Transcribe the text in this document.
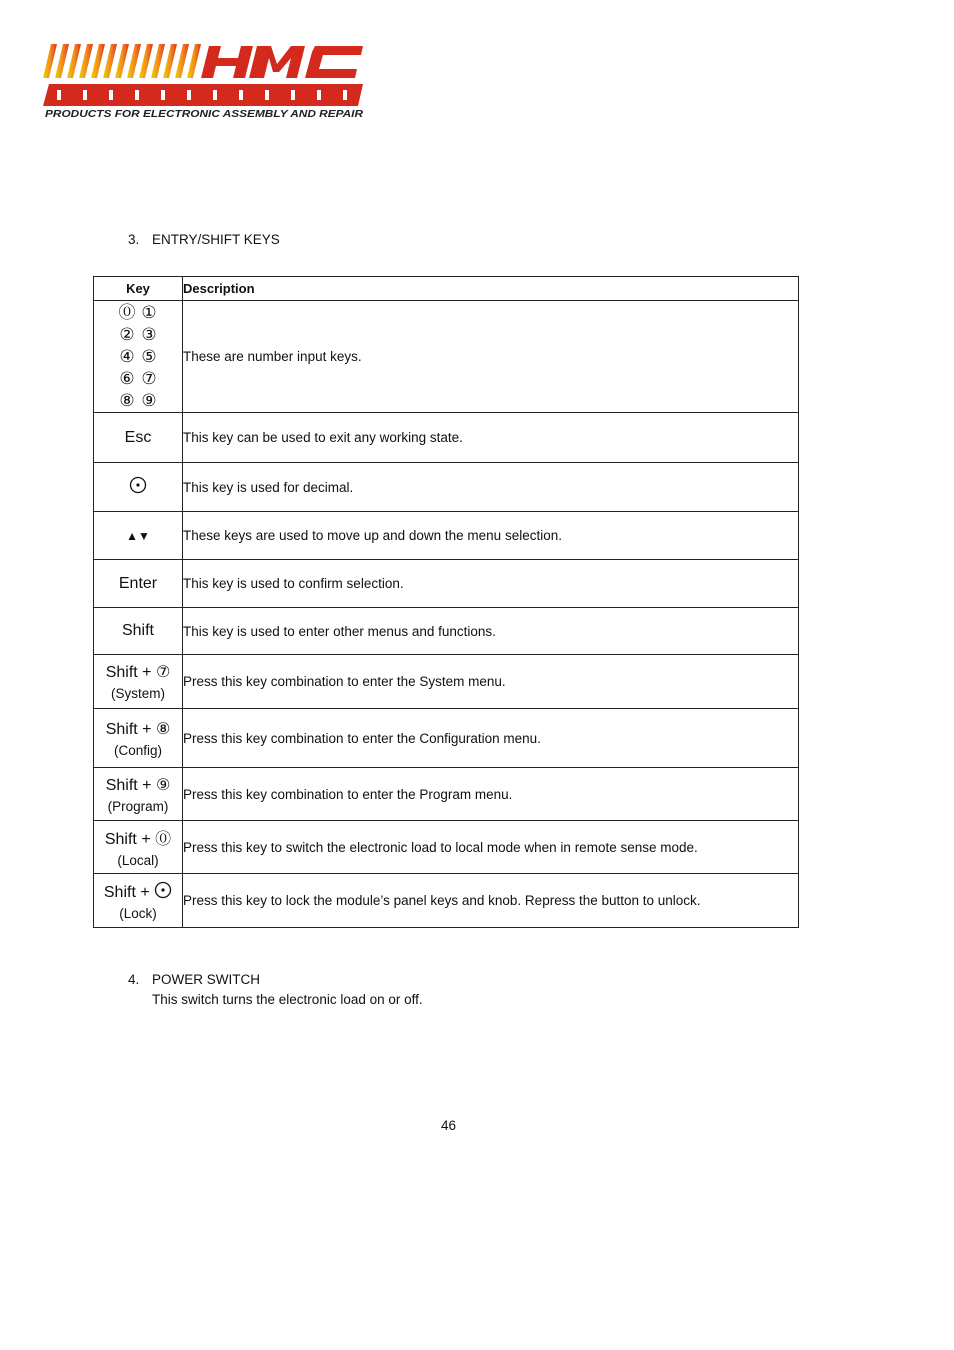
PRODUCTS FOR ELECTRONIC ASSEMBLY AND REPAIR
3. ENTRY/SHIFT KEYS
Key	Description

⓪ ①
② ③
④ ⑤
⑥ ⑦
⑧ ⑨	These are number input keys.
Esc	This key can be used to exit any working state.
	This key is used for decimal.
▲▼	These keys are used to move up and down the menu selection.
Enter	This key is used to confirm selection.
Shift	This key is used to enter other menus and functions.
Shift + ⑦
(System)	Press this key combination to enter the System menu.
Shift + ⑧
(Config)	Press this key combination to enter the Configuration menu.
Shift + ⑨
(Program)	Press this key combination to enter the Program menu.
Shift + ⓪
(Local)	Press this key to switch the electronic load to local mode when in remote sense mode.
Shift +
(Lock)	Press this key to lock the module’s panel keys and knob. Repress the button to unlock.
4. POWER SWITCH
This switch turns the electronic load on or off.
46
